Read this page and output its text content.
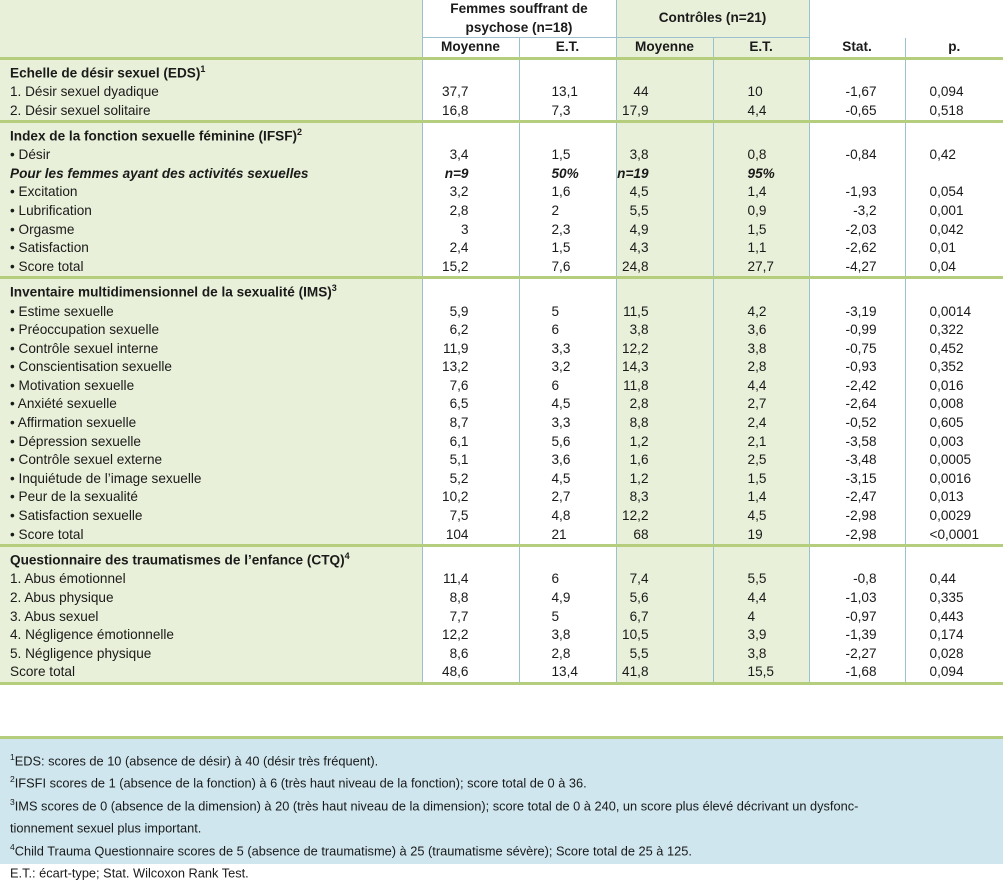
	Femmes souffrant de psychose (n=18)		Contrôles (n=21)			
	Moyenne	E.T.	Moyenne	E.T.	Stat.	p.
Echelle de désir sexuel (EDS)$^1$						
1. Désir sexuel dyadique	37,7	13,1	44	10	-1,67	0,094
2. Désir sexuel solitaire	16,8	7,3	17,9	4,4	-0,65	0,518
Index de la fonction sexuelle féminine (IFSF)$^2$						
• Désir	3,4	1,5	3,8	0,8	-0,84	0,42
Pour les femmes ayant des activités sexuelles	n=9	50%	n=19	95%		
• Excitation	3,2	1,6	4,5	1,4	-1,93	0,054
• Lubrification	2,8	2	5,5	0,9	-3,2	0,001
• Orgasme	3	2,3	4,9	1,5	-2,03	0,042
• Satisfaction	2,4	1,5	4,3	1,1	-2,62	0,01
• Score total	15,2	7,6	24,8	27,7	-4,27	0,04
Inventaire multidimensionnel de la sexualité (IMS)$^3$						
• Estime sexuelle	5,9	5	11,5	4,2	-3,19	0,0014
• Préoccupation sexuelle	6,2	6	3,8	3,6	-0,99	0,322
• Contrôle sexuel interne	11,9	3,3	12,2	3,8	-0,75	0,452
• Conscientisation sexuelle	13,2	3,2	14,3	2,8	-0,93	0,352
• Motivation sexuelle	7,6	6	11,8	4,4	-2,42	0,016
• Anxiété sexuelle	6,5	4,5	2,8	2,7	-2,64	0,008
• Affirmation sexuelle	8,7	3,3	8,8	2,4	-0,52	0,605
• Dépression sexuelle	6,1	5,6	1,2	2,1	-3,58	0,003
• Contrôle sexuel externe	5,1	3,6	1,6	2,5	-3,48	0,0005
• Inquiétude de l’image sexuelle	5,2	4,5	1,2	1,5	-3,15	0,0016
• Peur de la sexualité	10,2	2,7	8,3	1,4	-2,47	0,013
• Satisfaction sexuelle	7,5	4,8	12,2	4,5	-2,98	0,0029
• Score total	104	21	68	19	-2,98	<0,0001
Questionnaire des traumatismes de l’enfance (CTQ)$^4$						
1. Abus émotionnel	11,4	6	7,4	5,5	-0,8	0,44
2. Abus physique	8,8	4,9	5,6	4,4	-1,03	0,335
3. Abus sexuel	7,7	5	6,7	4	-0,97	0,443
4. Négligence émotionnelle	12,2	3,8	10,5	3,9	-1,39	0,174
5. Négligence physique	8,6	2,8	5,5	3,8	-2,27	0,028
Score total	48,6	13,4	41,8	15,5	-1,68	0,094
$^1$EDS: scores de 10 (absence de désir) à 40 (désir très fréquent).
$^2$IFSFI scores de 1 (absence de la fonction) à 6 (très haut niveau de la fonction); score total de 0 à 36.
$^3$IMS scores de 0 (absence de la dimension) à 20 (très haut niveau de la dimension); score total de 0 à 240, un score plus élevé décrivant un dysfonc-
tionnement sexuel plus important.
$^4$Child Trauma Questionnaire scores de 5 (absence de traumatisme) à 25 (traumatisme sévère); Score total de 25 à 125.
E.T.: écart-type; Stat. Wilcoxon Rank Test.
